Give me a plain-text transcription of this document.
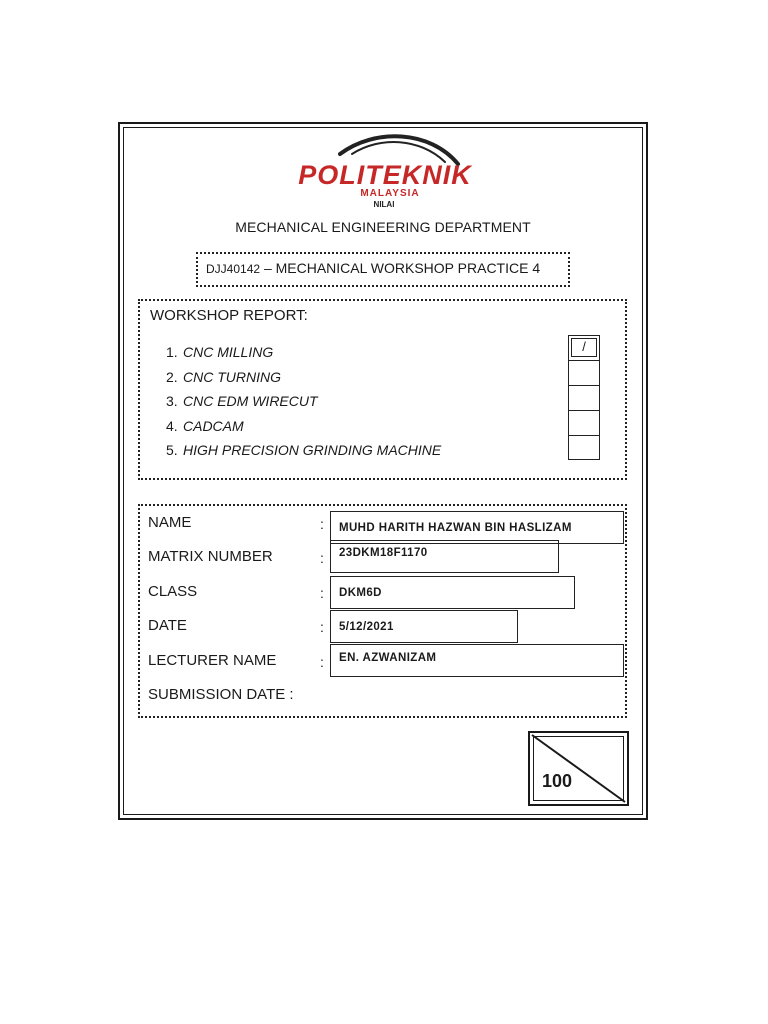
POLITEKNIK
MALAYSIA
NILAI
MECHANICAL ENGINEERING DEPARTMENT
DJJ40142 – MECHANICAL WORKSHOP PRACTICE 4
WORKSHOP REPORT:
1. CNC MILLING
2. CNC TURNING
3. CNC EDM WIRECUT
4. CADCAM
5. HIGH PRECISION GRINDING MACHINE
/
NAME	:	MUHD HARITH HAZWAN BIN HASLIZAM
MATRIX NUMBER	:	23DKM18F1170
CLASS	:	DKM6D
DATE	:	5/12/2021
LECTURER NAME	:	EN. AZWANIZAM
SUBMISSION DATE :
100
